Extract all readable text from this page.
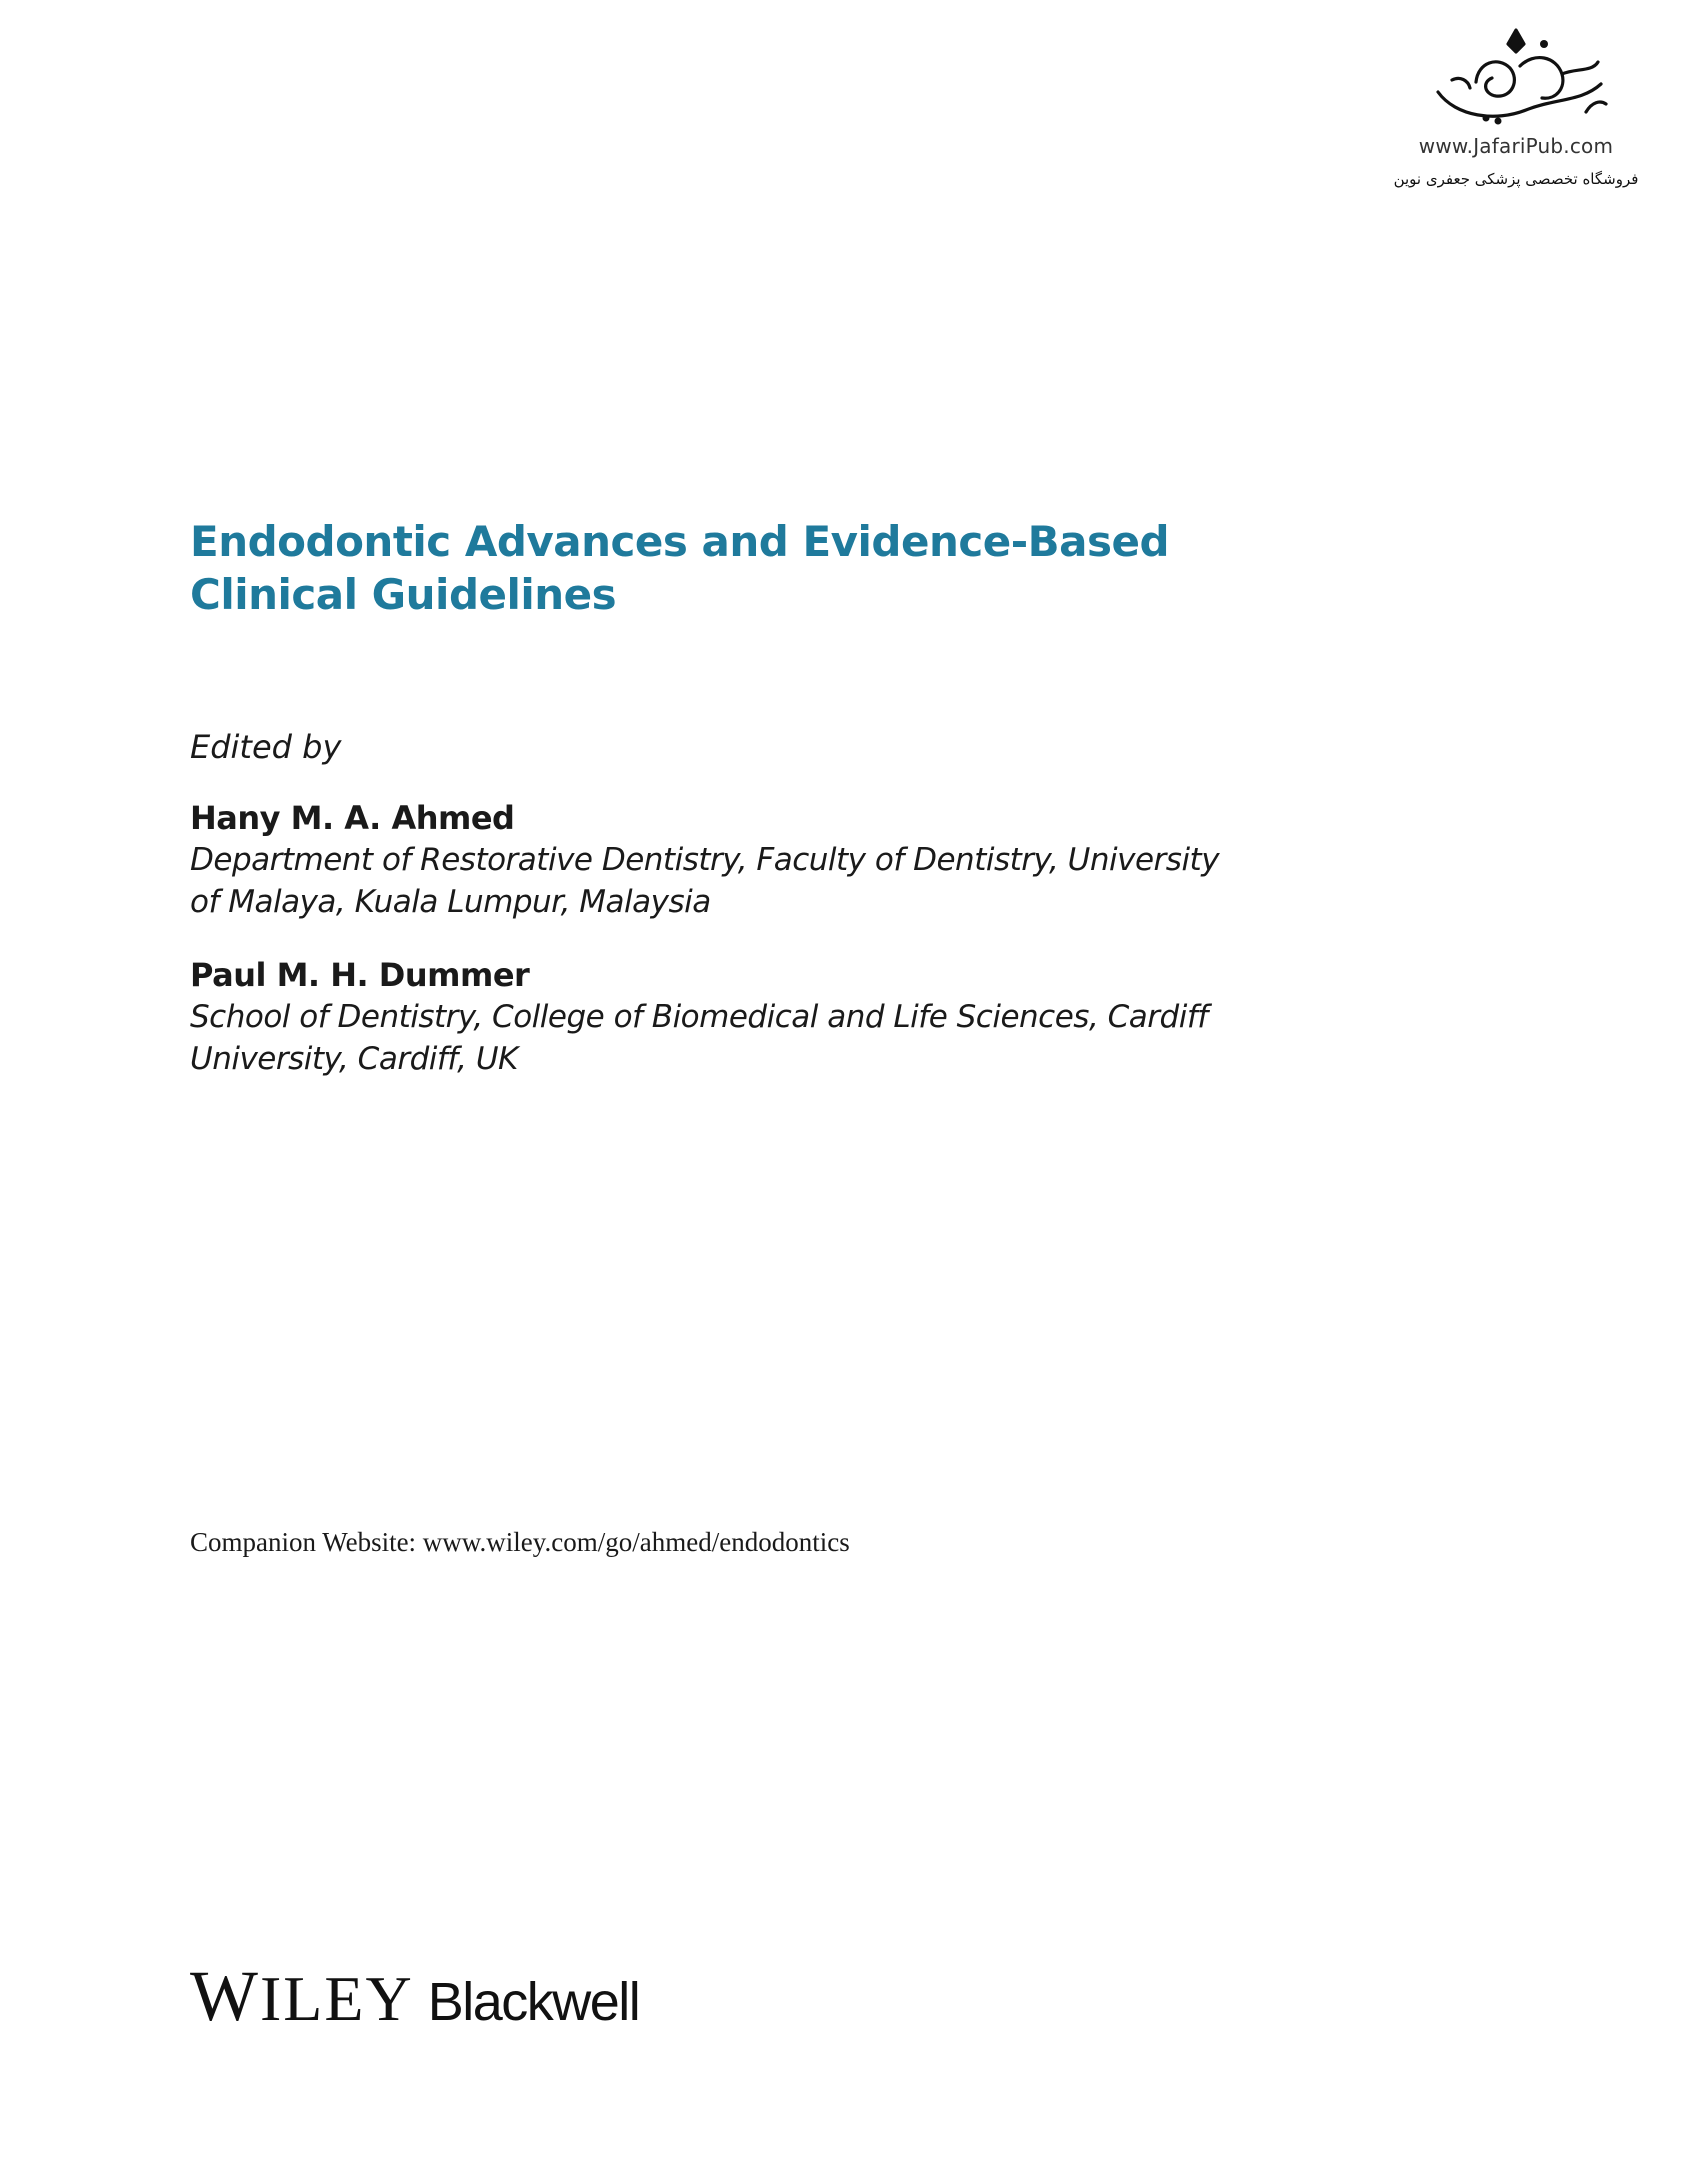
www.JafariPub.com
فروشگاه تخصصی پزشکی جعفری نوین
Endodontic Advances and Evidence-Based Clinical Guidelines
Edited by
Hany M. A. Ahmed
Department of Restorative Dentistry, Faculty of Dentistry, University of Malaya, Kuala Lumpur, Malaysia
Paul M. H. Dummer
School of Dentistry, College of Biomedical and Life Sciences, Cardiff University, Cardiff, UK
Companion Website: www.wiley.com/go/ahmed/endodontics
WILEY Blackwell
